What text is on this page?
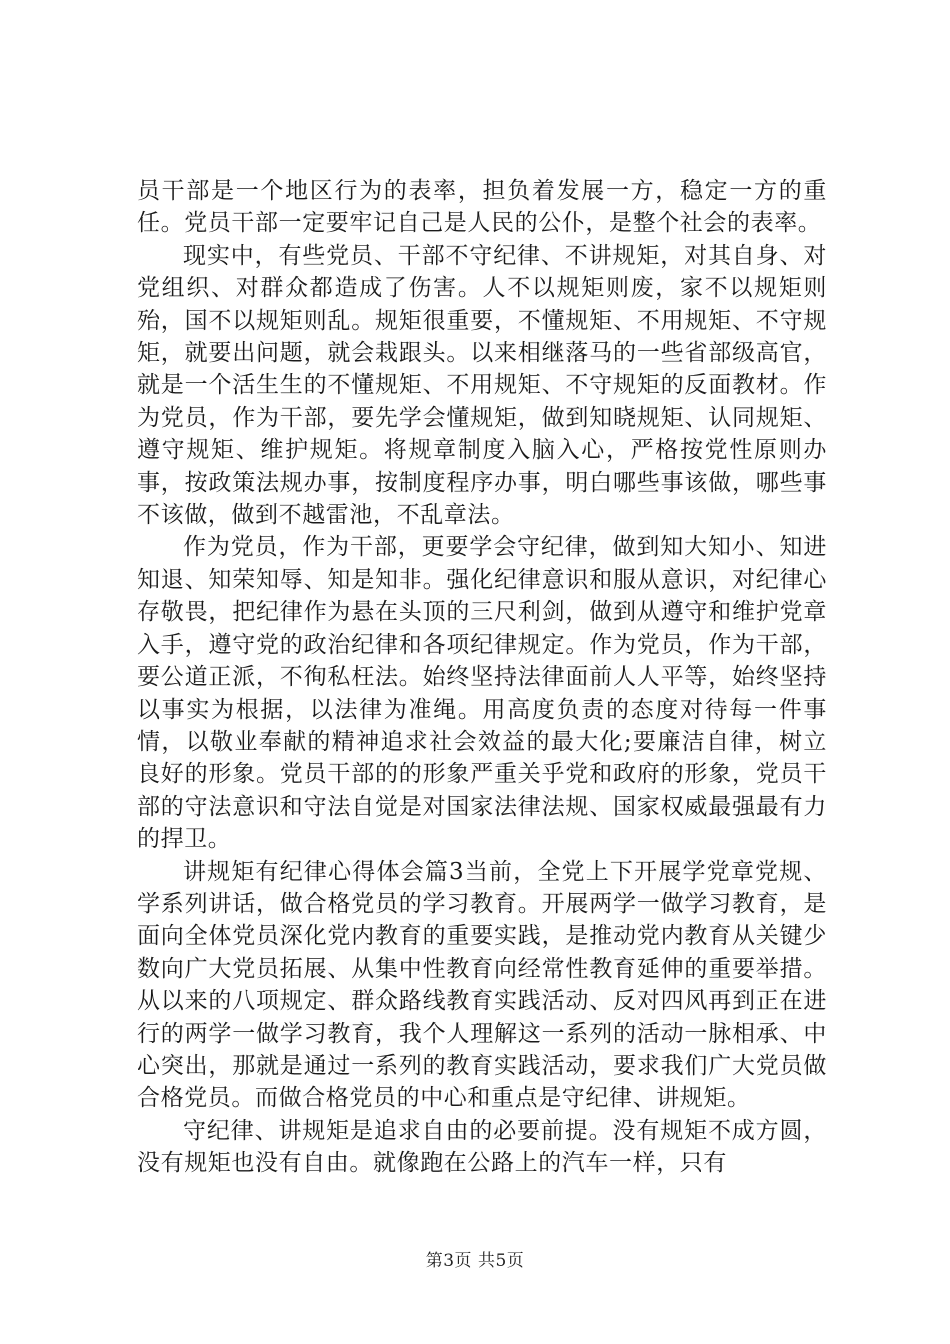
员干部是一个地区行为的表率，担负着发展一方，稳定一方的重任。党员干部一定要牢记自己是人民的公仆，是整个社会的表率。

现实中，有些党员、干部不守纪律、不讲规矩，对其自身、对党组织、对群众都造成了伤害。人不以规矩则废，家不以规矩则殆，国不以规矩则乱。规矩很重要，不懂规矩、不用规矩、不守规矩，就要出问题，就会栽跟头。以来相继落马的一些省部级高官，就是一个活生生的不懂规矩、不用规矩、不守规矩的反面教材。作为党员，作为干部，要先学会懂规矩，做到知晓规矩、认同规矩、遵守规矩、维护规矩。将规章制度入脑入心，严格按党性原则办事，按政策法规办事，按制度程序办事，明白哪些事该做，哪些事不该做，做到不越雷池，不乱章法。

作为党员，作为干部，更要学会守纪律，做到知大知小、知进知退、知荣知辱、知是知非。强化纪律意识和服从意识，对纪律心存敬畏，把纪律作为悬在头顶的三尺利剑，做到从遵守和维护党章入手，遵守党的政治纪律和各项纪律规定。作为党员，作为干部，要公道正派，不徇私枉法。始终坚持法律面前人人平等，始终坚持以事实为根据，以法律为准绳。用高度负责的态度对待每一件事情，以敬业奉献的精神追求社会效益的最大化;要廉洁自律，树立良好的形象。党员干部的的形象严重关乎党和政府的形象，党员干部的守法意识和守法自觉是对国家法律法规、国家权威最强最有力的捍卫。

讲规矩有纪律心得体会篇3当前，全党上下开展学党章党规、学系列讲话，做合格党员的学习教育。开展两学一做学习教育，是面向全体党员深化党内教育的重要实践，是推动党内教育从关键少数向广大党员拓展、从集中性教育向经常性教育延伸的重要举措。从以来的八项规定、群众路线教育实践活动、反对四风再到正在进行的两学一做学习教育，我个人理解这一系列的活动一脉相承、中心突出，那就是通过一系列的教育实践活动，要求我们广大党员做合格党员。而做合格党员的中心和重点是守纪律、讲规矩。

守纪律、讲规矩是追求自由的必要前提。没有规矩不成方圆，没有规矩也没有自由。就像跑在公路上的汽车一样，只有

第3页 共5页
